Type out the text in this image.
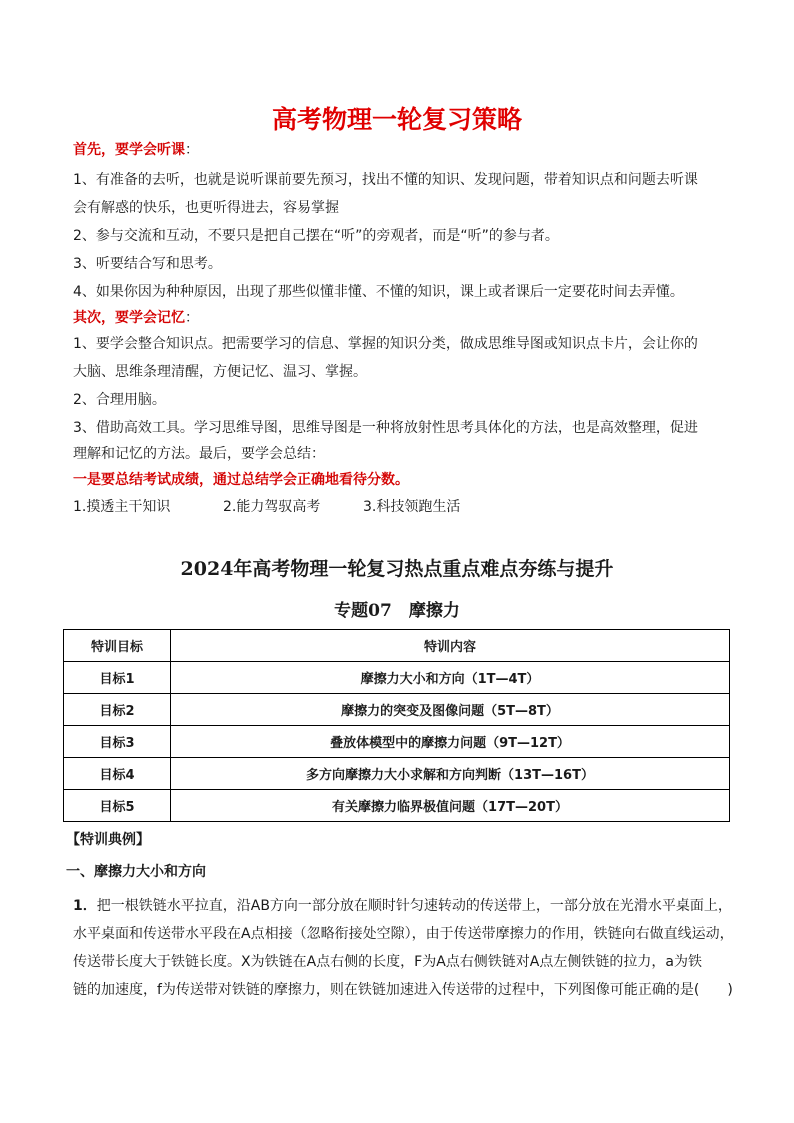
高考物理一轮复习策略
首先，要学会听课：
1、有准备的去听，也就是说听课前要先预习，找出不懂的知识、发现问题，带着知识点和问题去听课
会有解惑的快乐，也更听得进去，容易掌握
2、参与交流和互动，不要只是把自己摆在“听”的旁观者，而是“听”的参与者。
3、听要结合写和思考。
4、如果你因为种种原因，出现了那些似懂非懂、不懂的知识，课上或者课后一定要花时间去弄懂。
其次，要学会记忆：
1、要学会整合知识点。把需要学习的信息、掌握的知识分类，做成思维导图或知识点卡片，会让你的
大脑、思维条理清醒，方便记忆、温习、掌握。
2、合理用脑。
3、借助高效工具。学习思维导图，思维导图是一种将放射性思考具体化的方法，也是高效整理，促进
理解和记忆的方法。最后，要学会总结：
一是要总结考试成绩，通过总结学会正确地看待分数。
1.摸透主干知识	2.能力驾驭高考	3.科技领跑生活
2024年高考物理一轮复习热点重点难点夯练与提升
专题07　摩擦力
特训目标	特训内容
目标1	摩擦力大小和方向（1T—4T）
目标2	摩擦力的突变及图像问题（5T—8T）
目标3	叠放体模型中的摩擦力问题（9T—12T）
目标4	多方向摩擦力大小求解和方向判断（13T—16T）
目标5	有关摩擦力临界极值问题（17T—20T）
【特训典例】
一、摩擦力大小和方向
1．把一根铁链水平拉直，沿AB方向一部分放在顺时针匀速转动的传送带上，一部分放在光滑水平桌面上，
水平桌面和传送带水平段在A点相接（忽略衔接处空隙），由于传送带摩擦力的作用，铁链向右做直线运动，
传送带长度大于铁链长度。X为铁链在A点右侧的长度，F为A点右侧铁链对A点左侧铁链的拉力，a为铁
链的加速度，f为传送带对铁链的摩擦力，则在铁链加速进入传送带的过程中，下列图像可能正确的是(　　)
